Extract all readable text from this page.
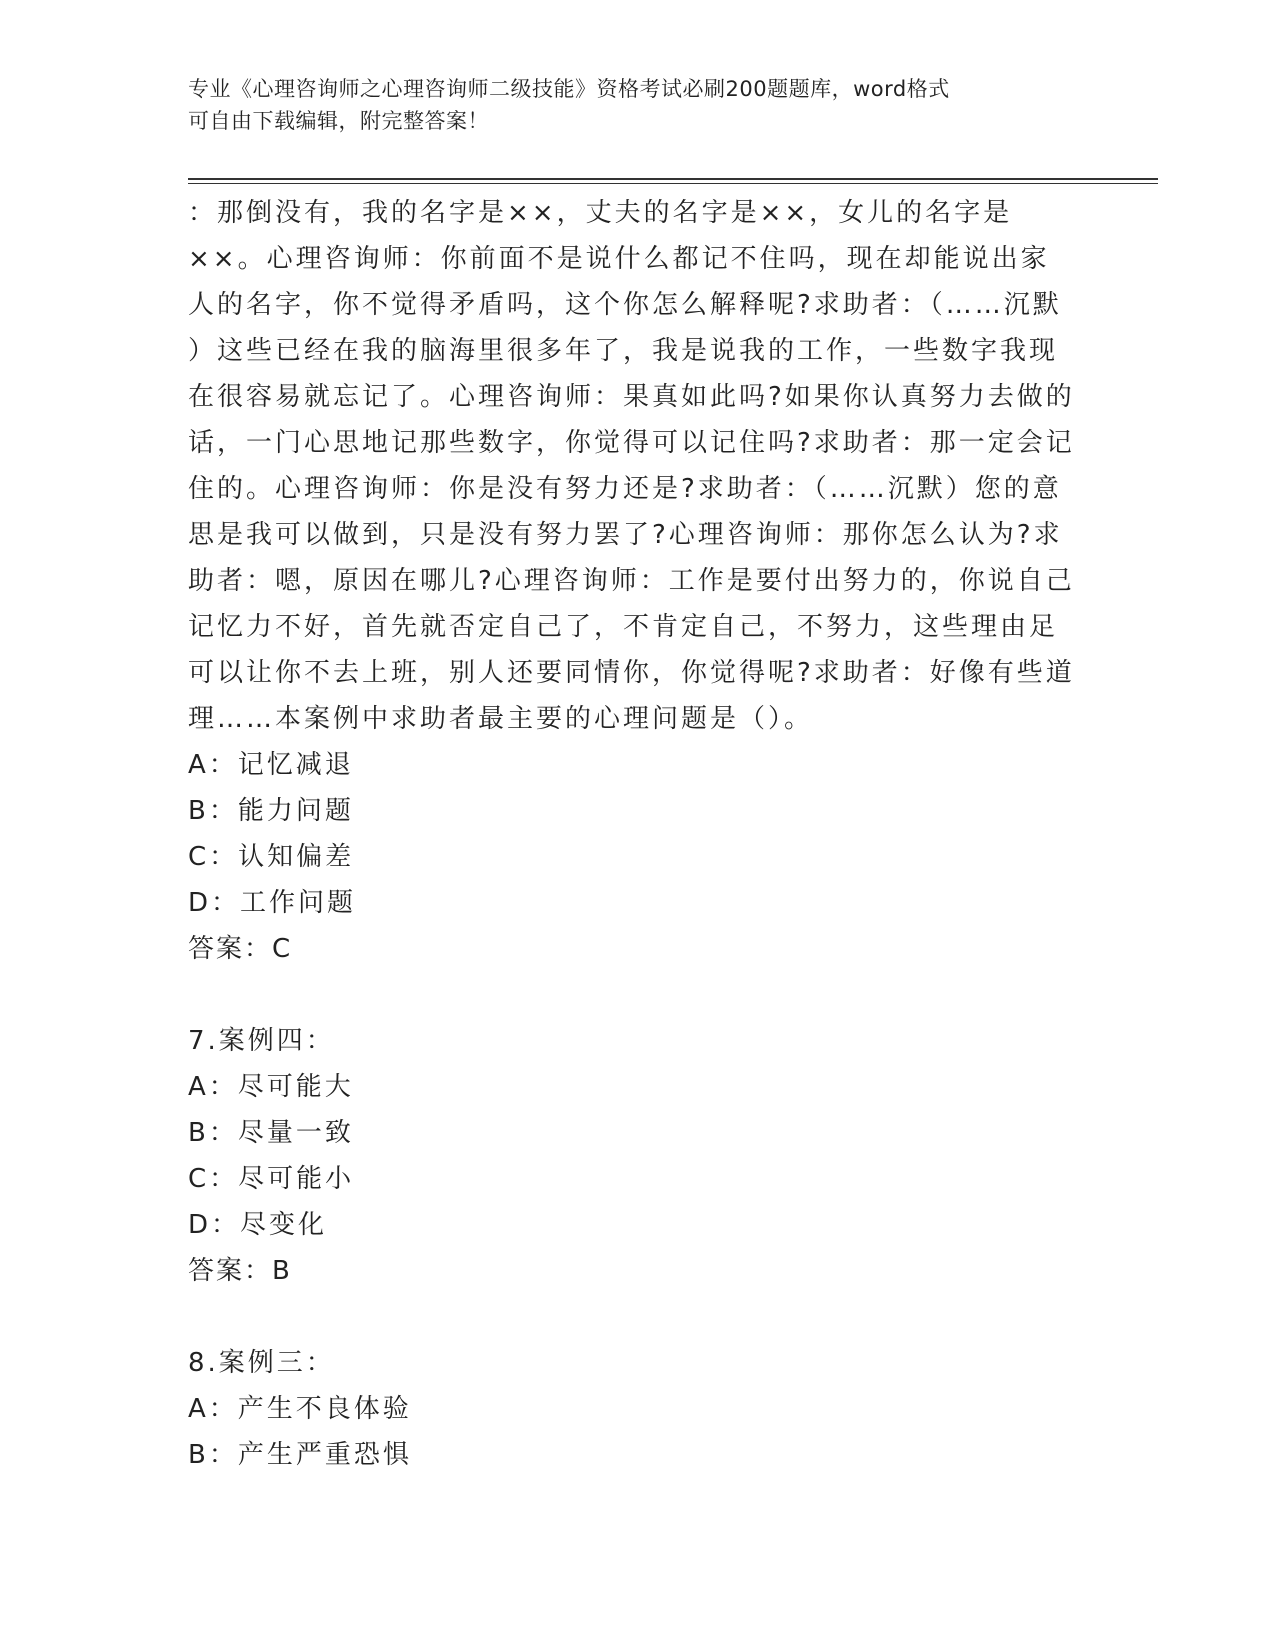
专业《心理咨询师之心理咨询师二级技能》资格考试必刷200题题库，word格式
可自由下载编辑，附完整答案！
：那倒没有，我的名字是××，丈夫的名字是××，女儿的名字是
××。心理咨询师：你前面不是说什么都记不住吗，现在却能说出家
人的名字，你不觉得矛盾吗，这个你怎么解释呢?求助者：（……沉默
）这些已经在我的脑海里很多年了，我是说我的工作，一些数字我现
在很容易就忘记了。心理咨询师：果真如此吗?如果你认真努力去做的
话，一门心思地记那些数字，你觉得可以记住吗?求助者：那一定会记
住的。心理咨询师：你是没有努力还是?求助者：（……沉默）您的意
思是我可以做到，只是没有努力罢了?心理咨询师：那你怎么认为?求
助者：嗯，原因在哪儿?心理咨询师：工作是要付出努力的，你说自己
记忆力不好，首先就否定自己了，不肯定自己，不努力，这些理由足
可以让你不去上班，别人还要同情你，你觉得呢?求助者：好像有些道
理……本案例中求助者最主要的心理问题是（）。
A：记忆减退
B：能力问题
C：认知偏差
D：工作问题
答案：C
7.案例四：
A：尽可能大
B：尽量一致
C：尽可能小
D：尽变化
答案：B
8.案例三：
A：产生不良体验
B：产生严重恐惧
